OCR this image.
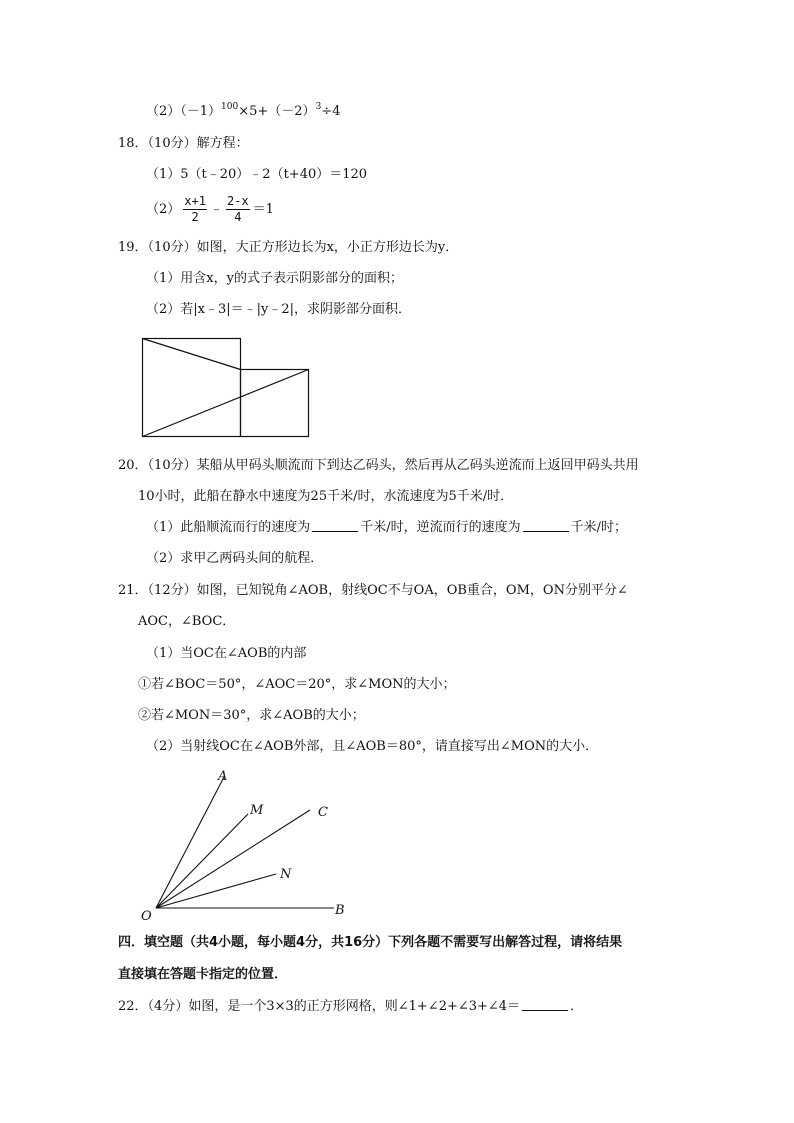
$(2)(-1)^{100}\times 5+(-2)^3\div 4$
18．（10分）解方程：
（1）5（t﹣20）﹣2（t+40）＝120
$(2) \frac{x+1}{2}$ ﹣ $\frac{2-x}{4} =1$
19．（10分）如图，大正方形边长为x，小正方形边长为y．
（1）用含x，y的式子表示阴影部分的面积；
（2）若|x﹣3|＝﹣|y﹣2|，求阴影部分面积．
20．（10分）某船从甲码头顺流而下到达乙码头，然后再从乙码头逆流而上返回甲码头共用
10小时，此船在静水中速度为25千米/时，水流速度为5千米/时．
（1）此船顺流而行的速度为	千米/时，逆流而行的速度为	千米/时；
（2）求甲乙两码头间的航程．
21．（12分）如图，已知锐角∠AOB，射线OC不与OA，OB重合，OM，ON分别平分∠
AOC，∠BOC．
（1）当OC在∠AOB的内部
①若∠BOC＝50°，∠AOC＝20°，求∠MON的大小；
②若∠MON＝30°，求∠AOB的大小；
（2）当射线OC在∠AOB外部，且∠AOB＝80°，请直接写出∠MON的大小．
A
M	C
N
O	B
四．填空题（共4小题，每小题4分，共16分）下列各题不需要写出解答过程，请将结果
直接填在答题卡指定的位置．
22．（4分）如图，是一个3×3的正方形网格，则∠1+∠2+∠3+∠4＝	．
